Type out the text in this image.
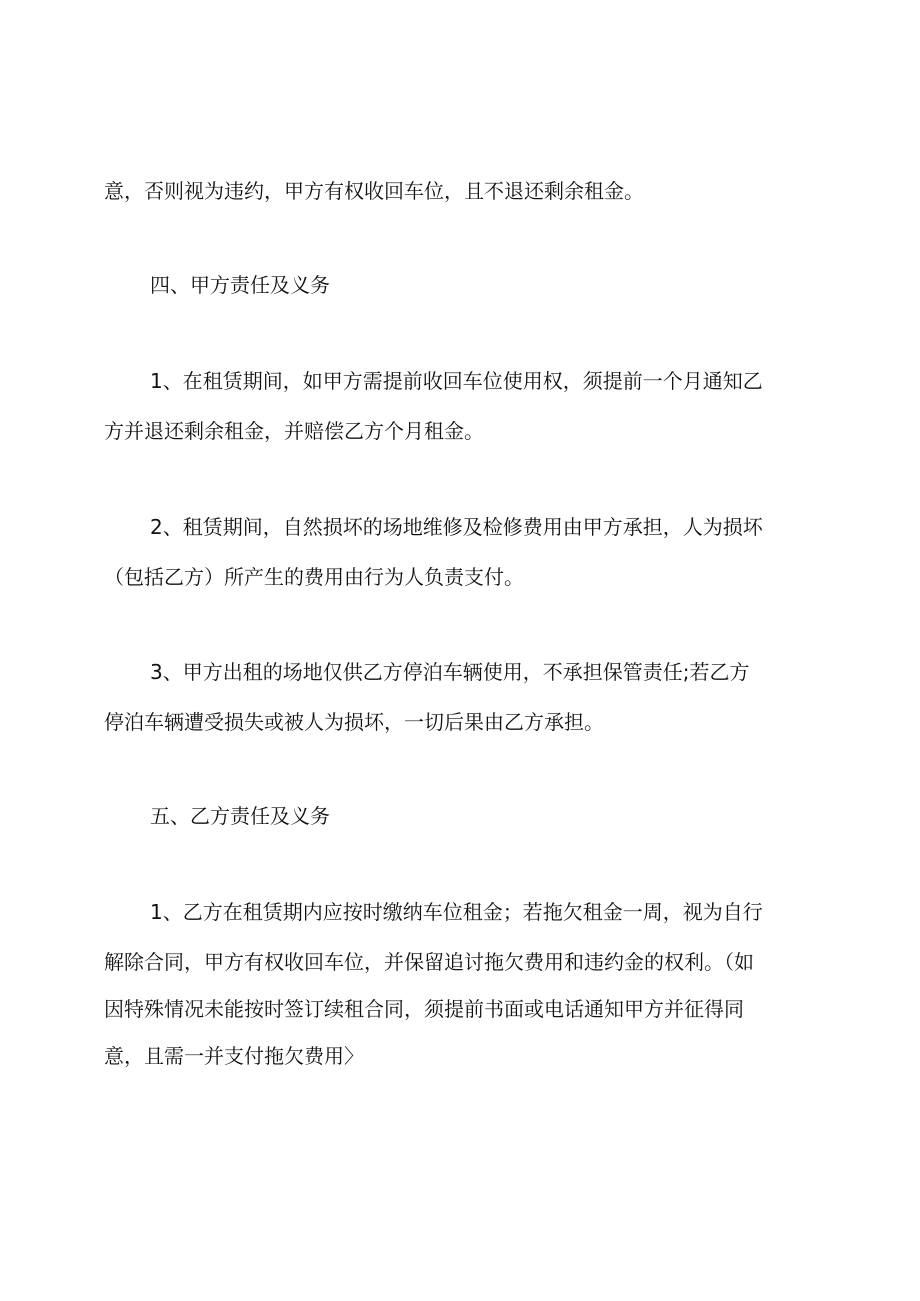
意，否则视为违约，甲方有权收回车位，且不退还剩余租金。
四、甲方责任及义务
1、在租赁期间，如甲方需提前收回车位使用权，须提前一个月通知乙
方并退还剩余租金，并赔偿乙方个月租金。
2、租赁期间，自然损坏的场地维修及检修费用由甲方承担，人为损坏
（包括乙方）所产生的费用由行为人负责支付。
3、甲方出租的场地仅供乙方停泊车辆使用，不承担保管责任;若乙方
停泊车辆遭受损失或被人为损坏，一切后果由乙方承担。
五、乙方责任及义务
1、乙方在租赁期内应按时缴纳车位租金；若拖欠租金一周，视为自行
解除合同，甲方有权收回车位，并保留追讨拖欠费用和违约金的权利。（如
因特殊情况未能按时签订续租合同，须提前书面或电话通知甲方并征得同
意，且需一并支付拖欠费用〉
